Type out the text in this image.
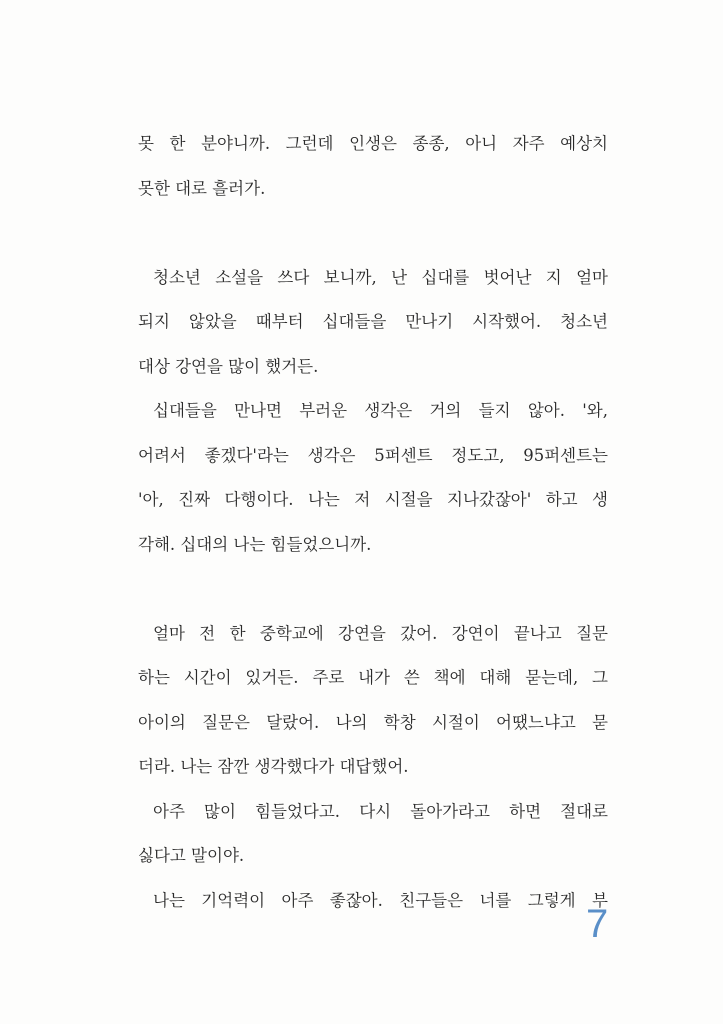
못 한 분야니까. 그런데 인생은 종종, 아니 자주 예상치
못한 대로 흘러가.
청소년 소설을 쓰다 보니까, 난 십대를 벗어난 지 얼마
되지 않았을 때부터 십대들을 만나기 시작했어. 청소년
대상 강연을 많이 했거든.
십대들을 만나면 부러운 생각은 거의 들지 않아. '와,
어려서 좋겠다'라는 생각은 5퍼센트 정도고, 95퍼센트는
'아, 진짜 다행이다. 나는 저 시절을 지나갔잖아' 하고 생
각해. 십대의 나는 힘들었으니까.
얼마 전 한 중학교에 강연을 갔어. 강연이 끝나고 질문
하는 시간이 있거든. 주로 내가 쓴 책에 대해 묻는데, 그
아이의 질문은 달랐어. 나의 학창 시절이 어땠느냐고 묻
더라. 나는 잠깐 생각했다가 대답했어.
아주 많이 힘들었다고. 다시 돌아가라고 하면 절대로
싫다고 말이야.
나는 기억력이 아주 좋잖아. 친구들은 너를 그렇게 부
7
